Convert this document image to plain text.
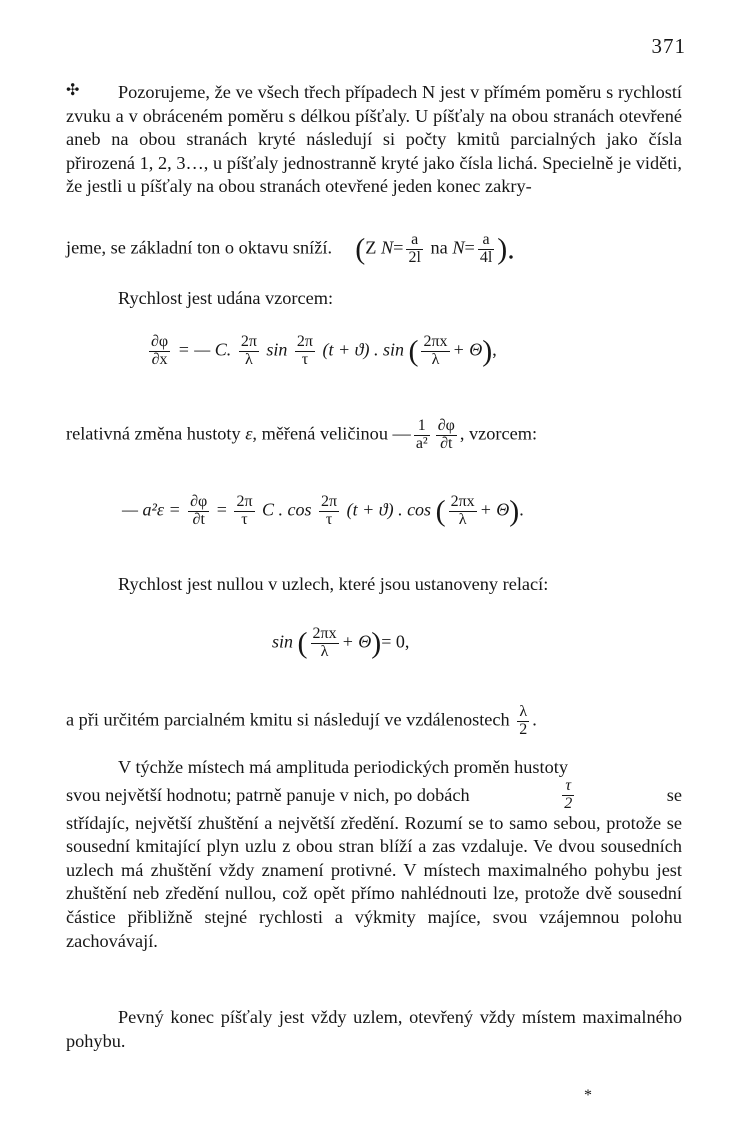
371
✣	Pozorujeme, že ve všech třech případech N jest v přímém poměru s rychlostí zvuku a v obráceném poměru s délkou píšťaly. U píšťaly na obou stranách otevřené aneb na obou stranách kryté následují si počty kmitů parcialných jako čísla přirozená 1, 2, 3…, u píšťaly jednostranně kryté jako čísla lichá. Specielně je viděti, že jestli u píšťaly na obou stranách otevřené jeden konec zakry-
jeme, se základní ton o oktavu sníží. (Z $N= \frac{a}{2l}$ na $N= \frac{a}{4l}$ ).
Rychlost jest udána vzorcem:
$\frac{\partial\varphi}{\partial x}$ = — C. $\frac{2\pi}{\lambda}$ $\sin \frac{2\pi}{\tau} (t + ϑ)$ . sin ( $\frac{2\pi x}{\lambda} + \Theta$),
relativná změna hustoty ε, měřená veličinou — $\frac{1}{\text{a²}} \frac{\partial\varphi}{\partial t}$ , vzorcem:
— $a^2\varepsilon = \frac{\partial\varphi}{\partial t} = \frac{2\pi}{\tau}$ C . $\cos \frac{2\pi}{\tau} (t + ϑ)$ . cos ( $\frac{2\pi x}{\lambda} + \Theta$).
Rychlost jest nullou v uzlech, které jsou ustanoveny relací:
sin ( $\frac{2\pi x}{\lambda} + \Theta)= 0$,
a při určitém parcialném kmitu si následují ve vzdálenostech $\frac{\lambda}{2}$ .
V týchže místech má amplituda periodických proměn hustoty
svou největší hodnotu; patrně panuje v nich, po dobách	$\frac{\tau}{2}$	se
střídajíc, největší zhuštění a největší zředění. Rozumí se to samo sebou, protože se sousední kmitající plyn uzlu z obou stran blíží a zas vzdaluje. Ve dvou sousedních uzlech má zhuštění vždy znamení protivné. V místech maximalného pohybu jest zhuštění neb zředění nullou, což opět přímo nahlédnouti lze, protože dvě sousední částice přibližně stejné rychlosti a výkmity majíce, svou vzájemnou polohu zachovávají.
Pevný konec píšťaly jest vždy uzlem, otevřený vždy místem maximalného pohybu.
*
